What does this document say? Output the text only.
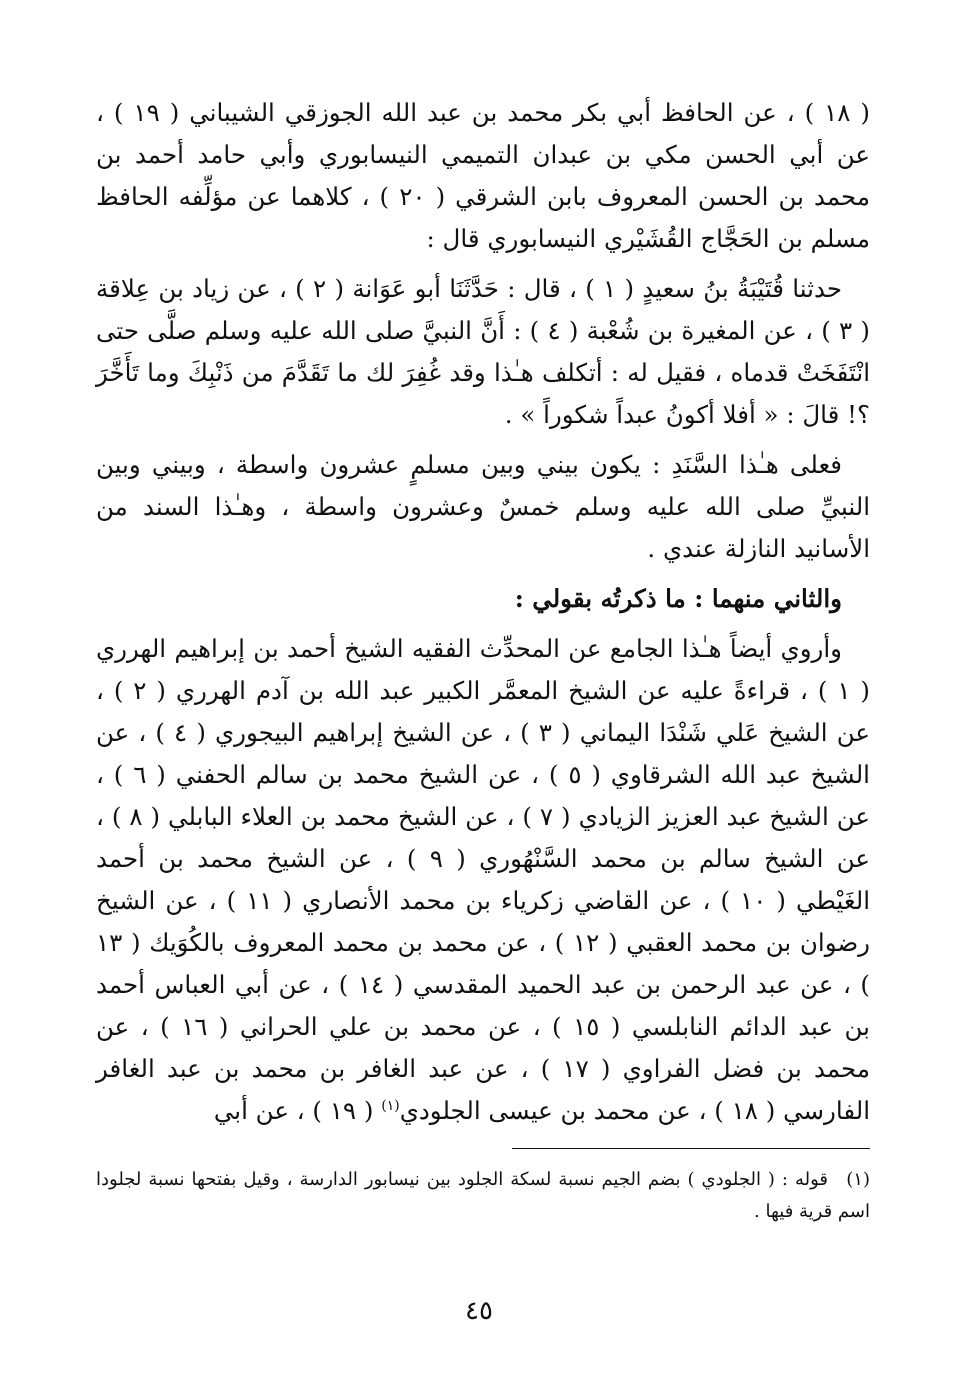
( ١٨ ) ، عن الحافظ أبي بكر محمد بن عبد الله الجوزقي الشيباني ( ١٩ ) ، عن أبي الحسن مكي بن عبدان التميمي النيسابوري وأبي حامد أحمد بن محمد بن الحسن المعروف بابن الشرقي ( ٢٠ ) ، كلاهما عن مؤلِّفه الحافظ مسلم بن الحَجَّاج القُشَيْري النيسابوري قال :

حدثنا قُتَيْبَةُ بنُ سعيدٍ ( ١ ) ، قال : حَدَّثَنَا أبو عَوَانة ( ٢ ) ، عن زياد بن عِلاقة ( ٣ ) ، عن المغيرة بن شُعْبة ( ٤ ) : أَنَّ النبيَّ صلى الله عليه وسلم صلَّى حتى انْتَفَخَتْ قدماه ، فقيل له : أتكلف هـٰذا وقد غُفِرَ لك ما تَقَدَّمَ من ذَنْبِكَ وما تَأَخَّرَ ؟! قالَ : « أفلا أكونُ عبداً شكوراً » .

فعلى هـٰذا السَّنَدِ : يكون بيني وبين مسلمٍ عشرون واسطة ، وبيني وبين النبيِّ صلى الله عليه وسلم خمسٌ وعشرون واسطة ، وهـٰذا السند من الأسانيد النازلة عندي .

والثاني منهما : ما ذكرتُه بقولي :

وأروي أيضاً هـٰذا الجامع عن المحدِّث الفقيه الشيخ أحمد بن إبراهيم الهرري ( ١ ) ، قراءةً عليه عن الشيخ المعمَّر الكبير عبد الله بن آدم الهرري ( ٢ ) ، عن الشيخ عَلي شَنْدَا اليماني ( ٣ ) ، عن الشيخ إبراهيم البيجوري ( ٤ ) ، عن الشيخ عبد الله الشرقاوي ( ٥ ) ، عن الشيخ محمد بن سالم الحفني ( ٦ ) ، عن الشيخ عبد العزيز الزيادي ( ٧ ) ، عن الشيخ محمد بن العلاء البابلي ( ٨ ) ، عن الشيخ سالم بن محمد السَّنْهُوري ( ٩ ) ، عن الشيخ محمد بن أحمد الغَيْطي ( ١٠ ) ، عن القاضي زكرياء بن محمد الأنصاري ( ١١ ) ، عن الشيخ رضوان بن محمد العقبي ( ١٢ ) ، عن محمد بن محمد المعروف بالكُوَيك ( ١٣ ) ، عن عبد الرحمن بن عبد الحميد المقدسي ( ١٤ ) ، عن أبي العباس أحمد بن عبد الدائم النابلسي ( ١٥ ) ، عن محمد بن علي الحراني ( ١٦ ) ، عن محمد بن فضل الفراوي ( ١٧ ) ، عن عبد الغافر بن محمد بن عبد الغافر الفارسي ( ١٨ ) ، عن محمد بن عيسى الجلودي$^{(١)}$ ( ١٩ ) ، عن أبي

(١)قوله : ( الجلودي ) بضم الجيم نسبة لسكة الجلود بين نيسابور الدارسة ، وقيل بفتحها نسبة لجلودا اسم قرية فيها .
٤٥
